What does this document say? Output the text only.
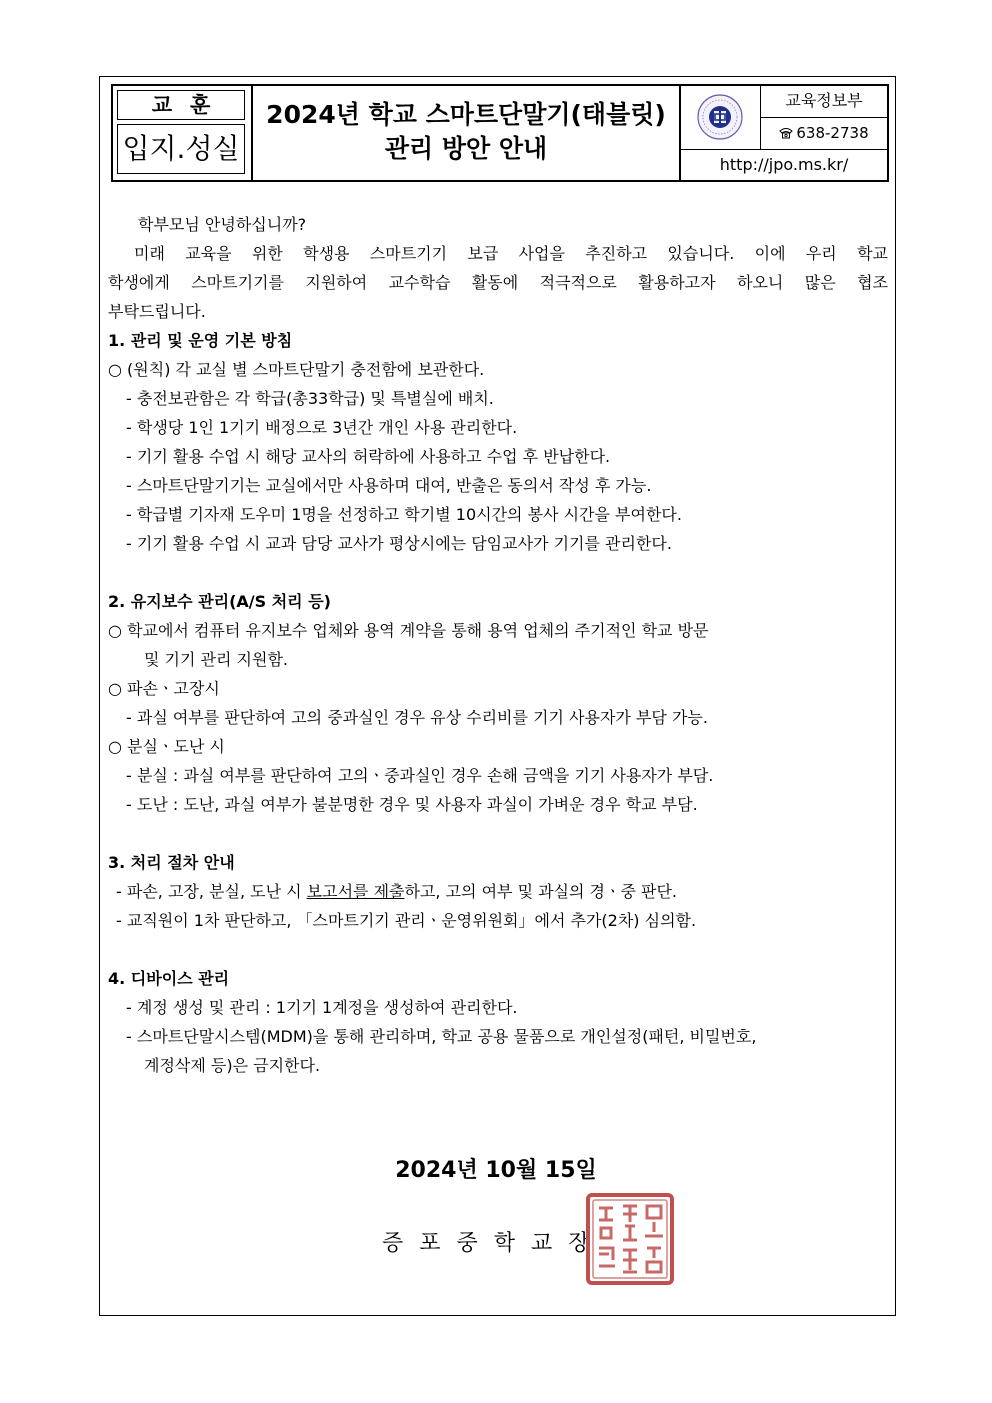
교훈
입지.성실
2024년 학교 스마트단말기(태블릿)
관리 방안 안내
교육정보부
638-2738
http://jpo.ms.kr/
학부모님 안녕하십니까?
미래 교육을 위한 학생용 스마트기기 보급 사업을 추진하고 있습니다. 이에 우리 학교
학생에게 스마트기기를 지원하여 교수학습 활동에 적극적으로 활용하고자 하오니 많은 협조
부탁드립니다.
1. 관리 및 운영 기본 방침
○ (원칙) 각 교실 별 스마트단말기 충전함에 보관한다.
- 충전보관함은 각 학급(총33학급) 및 특별실에 배치.
- 학생당 1인 1기기 배정으로 3년간 개인 사용 관리한다.
- 기기 활용 수업 시 해당 교사의 허락하에 사용하고 수업 후 반납한다.
- 스마트단말기기는 교실에서만 사용하며 대여, 반출은 동의서 작성 후 가능.
- 학급별 기자재 도우미 1명을 선정하고 학기별 10시간의 봉사 시간을 부여한다.
- 기기 활용 수업 시 교과 담당 교사가 평상시에는 담임교사가 기기를 관리한다.
2. 유지보수 관리(A/S 처리 등)
○ 학교에서 컴퓨터 유지보수 업체와 용역 계약을 통해 용역 업체의 주기적인 학교 방문
및 기기 관리 지원함.
○ 파손ㆍ고장시
- 과실 여부를 판단하여 고의 중과실인 경우 유상 수리비를 기기 사용자가 부담 가능.
○ 분실ㆍ도난 시
- 분실 : 과실 여부를 판단하여 고의ㆍ중과실인 경우 손해 금액을 기기 사용자가 부담.
- 도난 : 도난, 과실 여부가 불분명한 경우 및 사용자 과실이 가벼운 경우 학교 부담.
3. 처리 절차 안내
- 파손, 고장, 분실, 도난 시 보고서를 제출하고, 고의 여부 및 과실의 경ㆍ중 판단.
- 교직원이 1차 판단하고, 「스마트기기 관리ㆍ운영위원회」에서 추가(2차) 심의함.
4. 디바이스 관리
- 계정 생성 및 관리 : 1기기 1계정을 생성하여 관리한다.
- 스마트단말시스템(MDM)을 통해 관리하며, 학교 공용 물품으로 개인설정(패턴, 비밀번호,
계정삭제 등)은 금지한다.
2024년 10월 15일
증포중학교장
